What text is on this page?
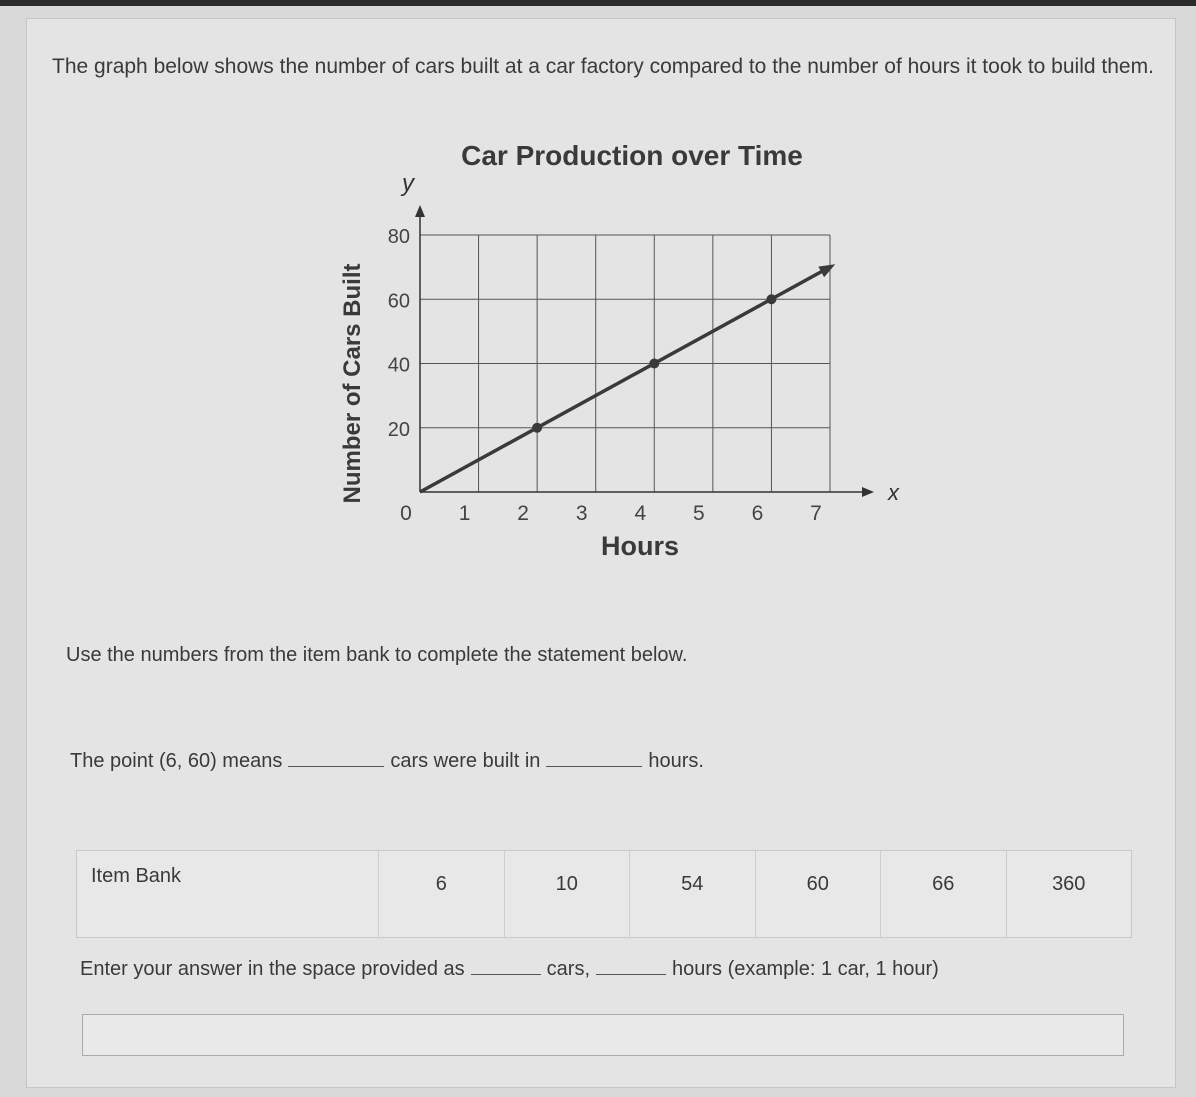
The graph below shows the number of cars built at a car factory compared to the number of hours it took to build them.
x
y
0 1 2 3 4 5 6 7
20
40
60
80
Car Production over Time
Hours
Number of Cars Built
Use the numbers from the item bank to complete the statement below.
The point (6, 60) means	cars were built in	hours.
Item Bank	6	10	54	60	66	360
Enter your answer in the space provided as	cars,	hours (example: 1 car, 1 hour)
